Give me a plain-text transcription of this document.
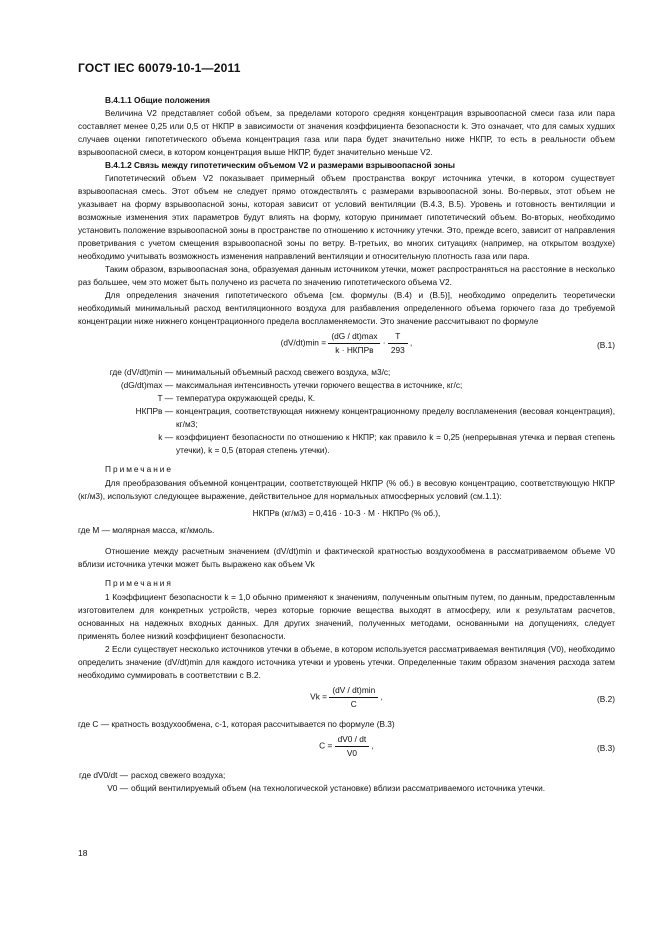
ГОСТ IEC 60079-10-1—2011

В.4.1.1 Общие положения

Величина V2 представляет собой объем, за пределами которого средняя концентрация взрывоопасной смеси газа или пара составляет менее 0,25 или 0,5 от НКПР в зависимости от значения коэффициента безопасности k. Это означает, что для самых худших случаев оценки гипотетического объема концентрация газа или пара будет значительно ниже НКПР, то есть в реальности объем взрывоопасной смеси, в котором концентрация выше НКПР, будет значительно меньше V2.

В.4.1.2 Связь между гипотетическим объемом V2 и размерами взрывоопасной зоны

Гипотетический объем V2 показывает примерный объем пространства вокруг источника утечки, в котором существует взрывоопасная смесь. Этот объем не следует прямо отождествлять с размерами взрывоопасной зоны. Во-первых, этот объем не указывает на форму взрывоопасной зоны, которая зависит от условий вентиляции (В.4.3, В.5). Уровень и готовность вентиляции и возможные изменения этих параметров будут влиять на форму, которую принимает гипотетический объем. Во-вторых, необходимо установить положение взрывоопасной зоны в пространстве по отношению к источнику утечки. Это, прежде всего, зависит от направления проветривания с учетом смещения взрывоопасной зоны по ветру. В-третьих, во многих ситуациях (например, на открытом воздухе) необходимо учитывать возможность изменения направлений вентиляции и относительную плотность газа или пара.

Таким образом, взрывоопасная зона, образуемая данным источником утечки, может распространяться на расстояние в несколько раз большее, чем это может быть получено из расчета по значению гипотетического объема V2.

Для определения значения гипотетического объема [см. формулы (В.4) и (В.5)], необходимо определить теоретически необходимый минимальный расход вентиляционного воздуха для разбавления определенного объема горючего газа до требуемой концентрации ниже нижнего концентрационного предела воспламеняемости. Это значение рассчитывают по формуле

$(dV/dt)\min = \frac{(dG / dt)\max}{\text{k · НКПРв}} \cdot \frac{T}{293}$ ,	(В.1)
где (dV/dt)min — минимальный объемный расход свежего воздуха, м3/с;
(dG/dt)max — максимальная интенсивность утечки горючего вещества в источнике, кг/с;
T — температура окружающей среды, К.
НКПРв — концентрация, соответствующая нижнему концентрационному пределу воспламенения (весовая концентрация), кг/м3;
k — коэффициент безопасности по отношению к НКПР; как правило k = 0,25 (непрерывная утечка и первая степень утечки), k = 0,5 (вторая степень утечки).
Примечание

Для преобразования объемной концентрации, соответствующей НКПР (% об.) в весовую концентрацию, соответствующую НКПР (кг/м3), используют следующее выражение, действительное для нормальных атмосферных условий (см.1.1):

НКПРв (кг/м3) = 0,416 · 10-3 · M · НКПРо (% об.),

где M — молярная масса, кг/кмоль.

Отношение между расчетным значением (dV/dt)min и фактической кратностью воздухообмена в рассматриваемом объеме V0 вблизи источника утечки может быть выражено как объем Vk

Примечания

1 Коэффициент безопасности k = 1,0 обычно применяют к значениям, полученным опытным путем, по данным, предоставленным изготовителем для конкретных устройств, через которые горючие вещества выходят в атмосферу, или к результатам расчетов, основанных на надежных входных данных. Для других значений, полученных методами, основанными на допущениях, следует применять более низкий коэффициент безопасности.

2 Если существует несколько источников утечки в объеме, в котором используется рассматриваемая вентиляция (V0), необходимо определить значение (dV/dt)min для каждого источника утечки и уровень утечки. Определенные таким образом значения расхода затем необходимо суммировать в соответствии с В.2.

$Vk = \frac{(dV / dt)\min}{C}$ ,	(В.2)

где C — кратность воздухообмена, с-1, которая рассчитывается по формуле (В.3)

$C = \frac{dV0 / dt}{V0}$ ,	(В.3)
где dV0/dt — расход свежего воздуха;
V0 — общий вентилируемый объем (на технологической установке) вблизи рассматриваемого источника утечки.
18
